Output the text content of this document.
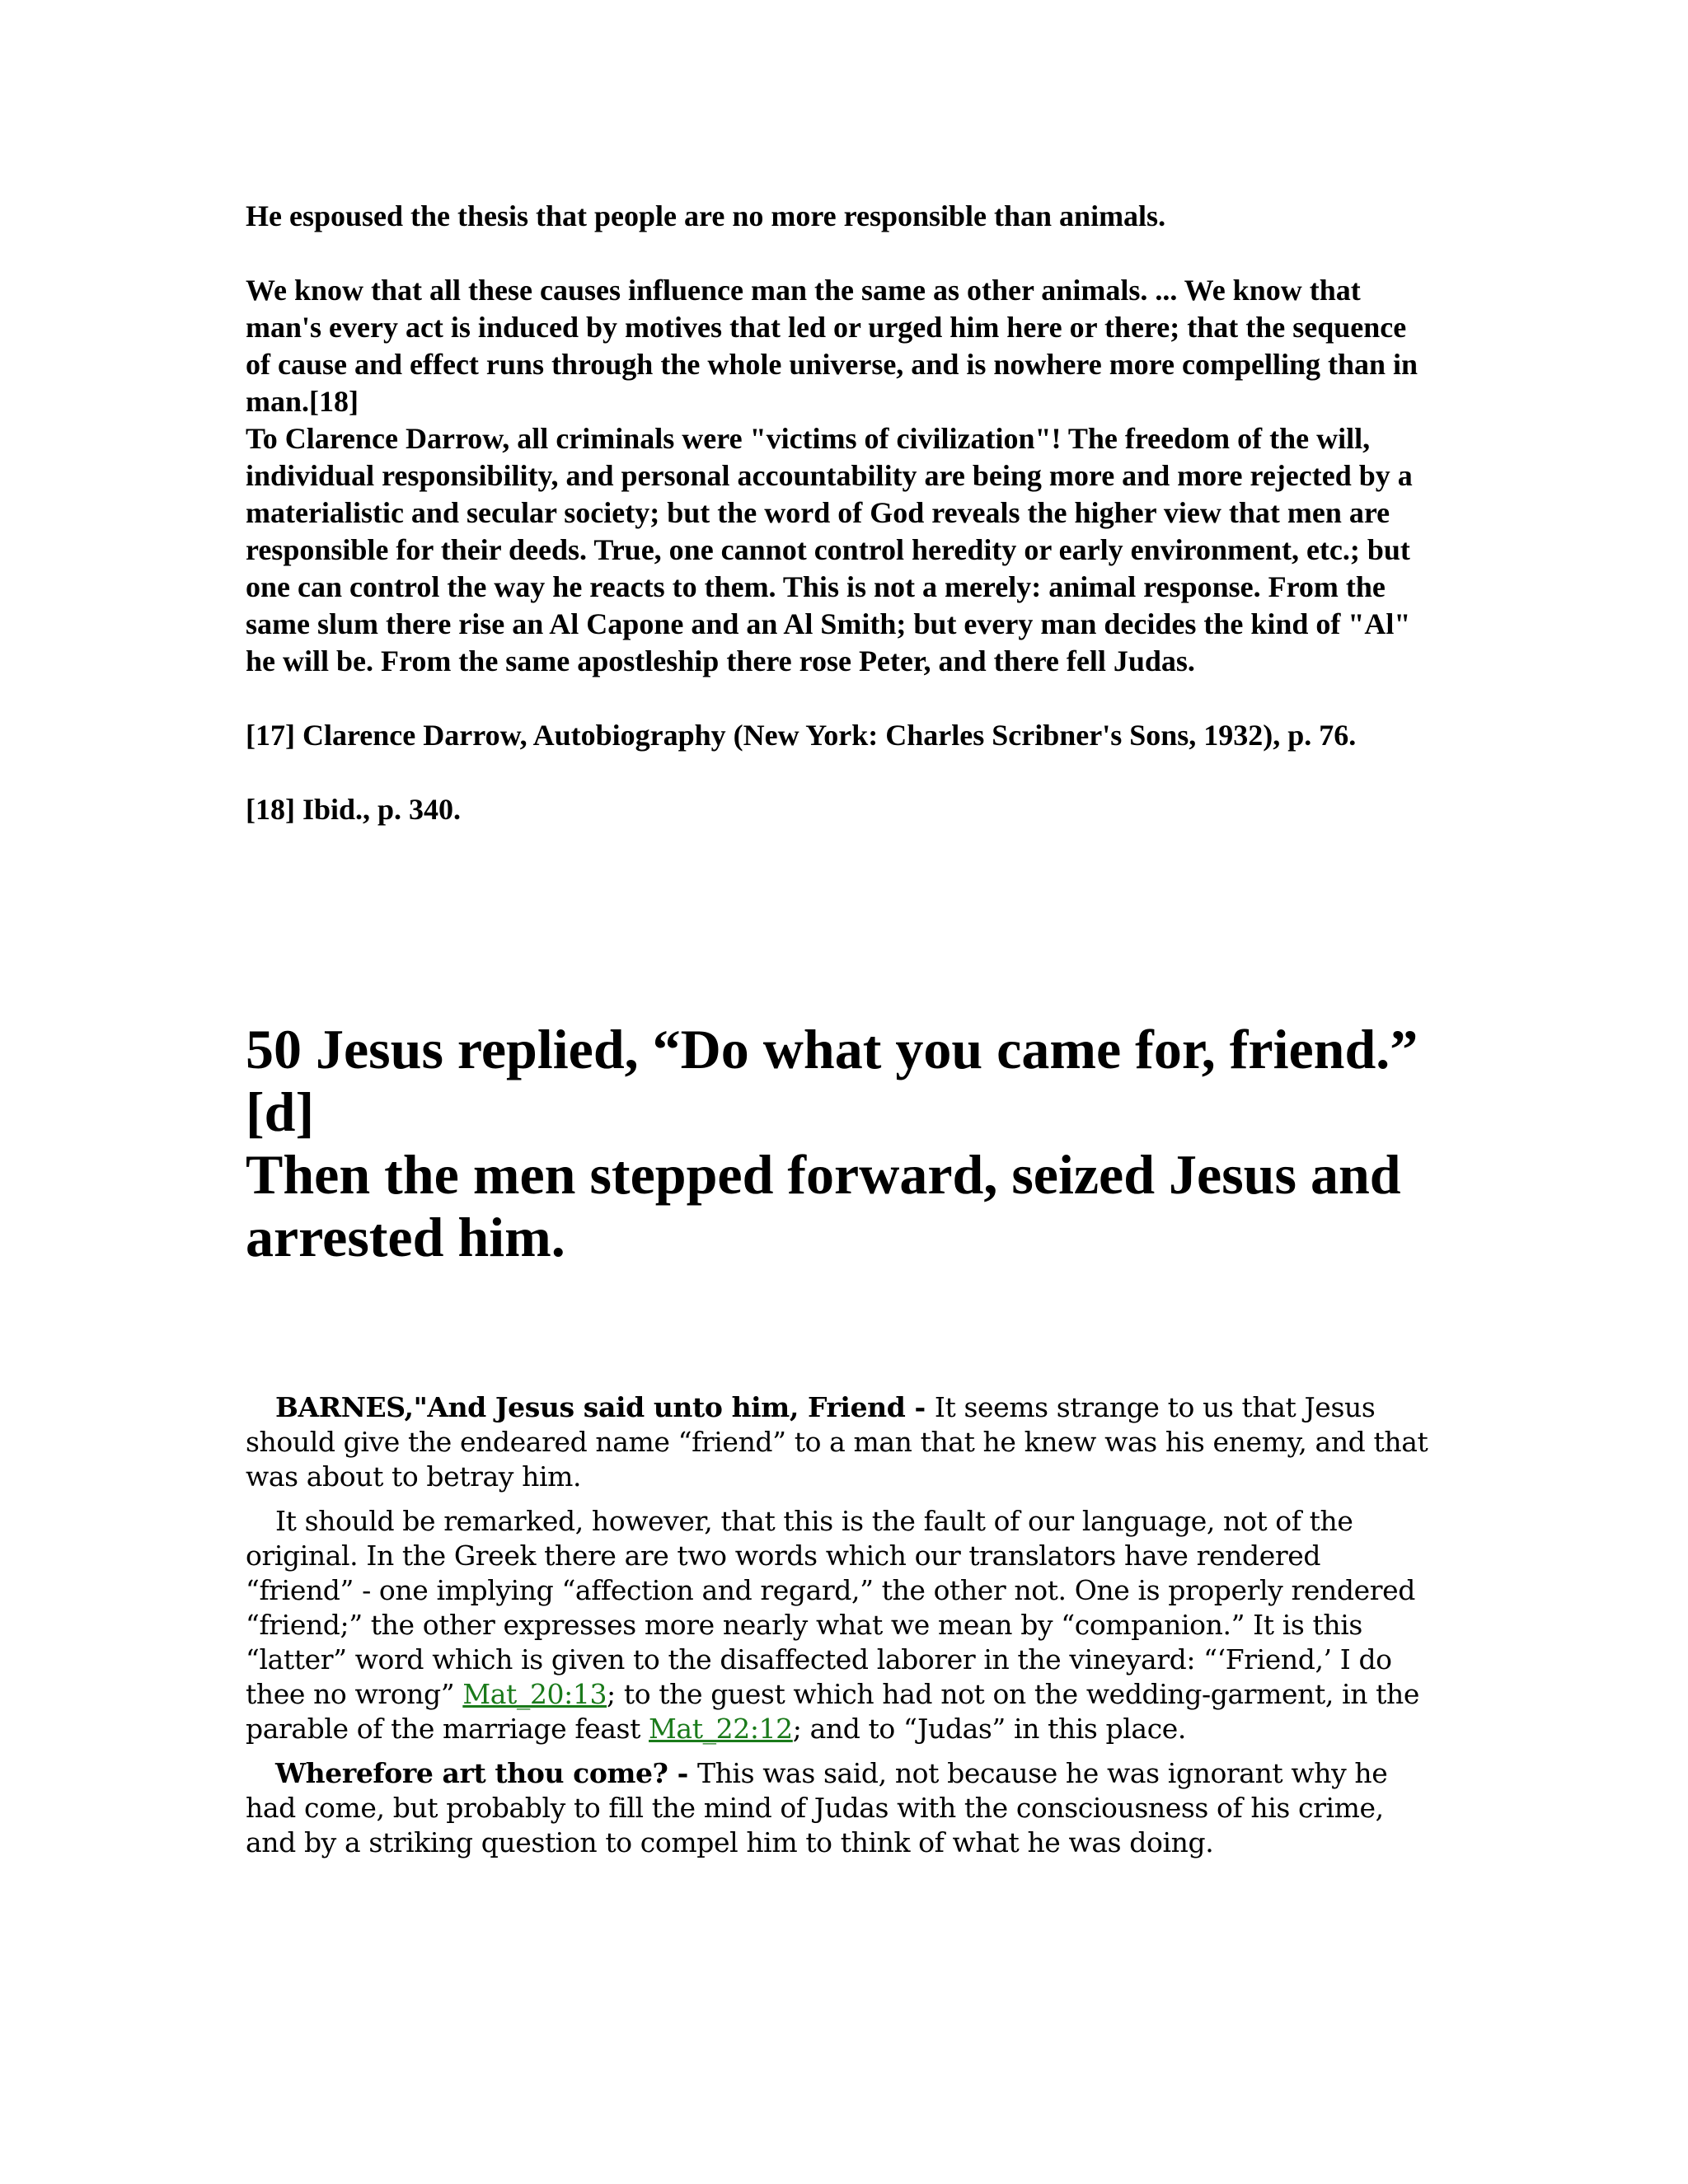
He espoused the thesis that people are no more responsible than animals.

We know that all these causes influence man the same as other animals. ... We know that man's every act is induced by motives that led or urged him here or there; that the sequence of cause and effect runs through the whole universe, and is nowhere more compelling than in man.[18]

To Clarence Darrow, all criminals were "victims of civilization"! The freedom of the will, individual responsibility, and personal accountability are being more and more rejected by a materialistic and secular society; but the word of God reveals the higher view that men are responsible for their deeds. True, one cannot control heredity or early environment, etc.; but one can control the way he reacts to them. This is not a merely: animal response. From the same slum there rise an Al Capone and an Al Smith; but every man decides the kind of "Al" he will be. From the same apostleship there rose Peter, and there fell Judas.

[17] Clarence Darrow, Autobiography (New York: Charles Scribner's Sons, 1932), p. 76.

[18] Ibid., p. 340.

50 Jesus replied, “Do what you came for, friend.”
[d]
Then the men stepped forward, seized Jesus and arrested him.

BARNES,"And Jesus said unto him, Friend - It seems strange to us that Jesus should give the endeared name “friend” to a man that he knew was his enemy, and that was about to betray him.

It should be remarked, however, that this is the fault of our language, not of the original. In the Greek there are two words which our translators have rendered “friend” - one implying “affection and regard,” the other not. One is properly rendered “friend;” the other expresses more nearly what we mean by “companion.” It is this “latter” word which is given to the disaffected laborer in the vineyard: “‘Friend,’ I do thee no wrong” Mat_20:13; to the guest which had not on the wedding-garment, in the parable of the marriage feast Mat_22:12; and to “Judas” in this place.

Wherefore art thou come? - This was said, not because he was ignorant why he had come, but probably to fill the mind of Judas with the consciousness of his crime, and by a striking question to compel him to think of what he was doing.
